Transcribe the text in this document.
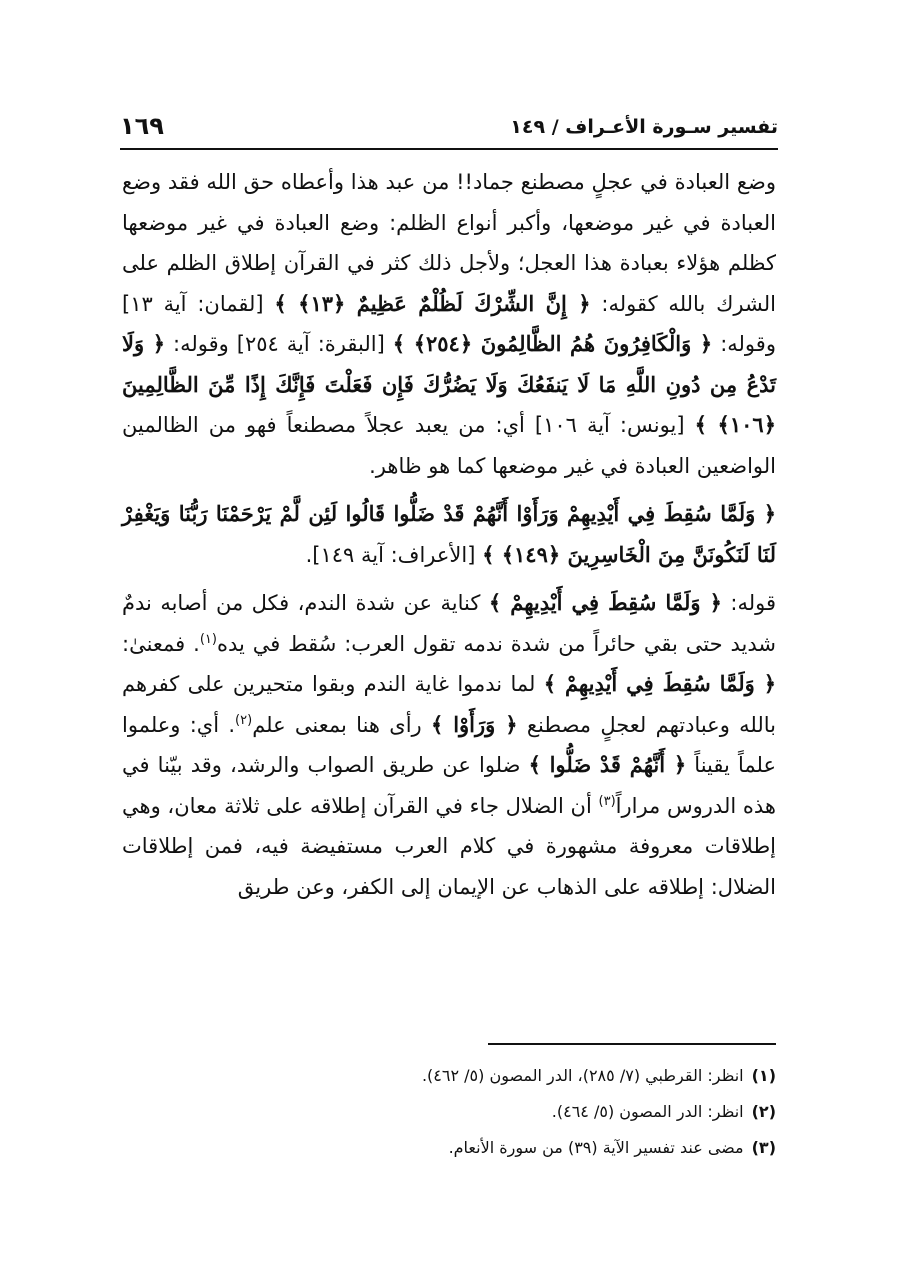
تفسير سـورة الأعـراف / ١٤٩
١٦٩

وضع العبادة في عجلٍ مصطنع جماد!! من عبد هذا وأعطاه حق الله فقد وضع العبادة في غير موضعها، وأكبر أنواع الظلم: وضع العبادة في غير موضعها كظلم هؤلاء بعبادة هذا العجل؛ ولأجل ذلك كثر في القرآن إطلاق الظلم على الشرك بالله كقوله: ﴿ إِنَّ الشِّرْكَ لَظُلْمٌ عَظِيمٌ ﴿١٣﴾ ﴾ [لقمان: آية ١٣] وقوله: ﴿ وَالْكَافِرُونَ هُمُ الظَّالِمُونَ ﴿٢٥٤﴾ ﴾ [البقرة: آية ٢٥٤] وقوله: ﴿ وَلَا تَدْعُ مِن دُونِ اللَّهِ مَا لَا يَنفَعُكَ وَلَا يَضُرُّكَ فَإِن فَعَلْتَ فَإِنَّكَ إِذًا مِّنَ الظَّالِمِينَ ﴿١٠٦﴾ ﴾ [يونس: آية ١٠٦] أي: من يعبد عجلاً مصطنعاً فهو من الظالمين الواضعين العبادة في غير موضعها كما هو ظاهر.

﴿ وَلَمَّا سُقِطَ فِي أَيْدِيهِمْ وَرَأَوْا أَنَّهُمْ قَدْ ضَلُّوا قَالُوا لَئِن لَّمْ يَرْحَمْنَا رَبُّنَا وَيَغْفِرْ لَنَا لَنَكُونَنَّ مِنَ الْخَاسِرِينَ ﴿١٤٩﴾ ﴾ [الأعراف: آية ١٤٩].

قوله: ﴿ وَلَمَّا سُقِطَ فِي أَيْدِيهِمْ ﴾ كناية عن شدة الندم، فكل من أصابه ندمٌ شديد حتى بقي حائراً من شدة ندمه تقول العرب: سُقط في يده$^{(١)}$. فمعنىٰ: ﴿ وَلَمَّا سُقِطَ فِي أَيْدِيهِمْ ﴾ لما ندموا غاية الندم وبقوا متحيرين على كفرهم بالله وعبادتهم لعجلٍ مصطنع ﴿ وَرَأَوْا ﴾ رأى هنا بمعنى علم$^{(٢)}$. أي: وعلموا علماً يقيناً ﴿ أَنَّهُمْ قَدْ ضَلُّوا ﴾ ضلوا عن طريق الصواب والرشد، وقد بيّنا في هذه الدروس مراراً$^{(٣)}$ أن الضلال جاء في القرآن إطلاقه على ثلاثة معان، وهي إطلاقات معروفة مشهورة في كلام العرب مستفيضة فيه، فمن إطلاقات الضلال: إطلاقه على الذهاب عن الإيمان إلى الكفر، وعن طريق

(١)انظر: القرطبي (٧/ ٢٨٥)، الدر المصون (٥/ ٤٦٢).

(٢)انظر: الدر المصون (٥/ ٤٦٤).

(٣)مضى عند تفسير الآية (٣٩) من سورة الأنعام.
